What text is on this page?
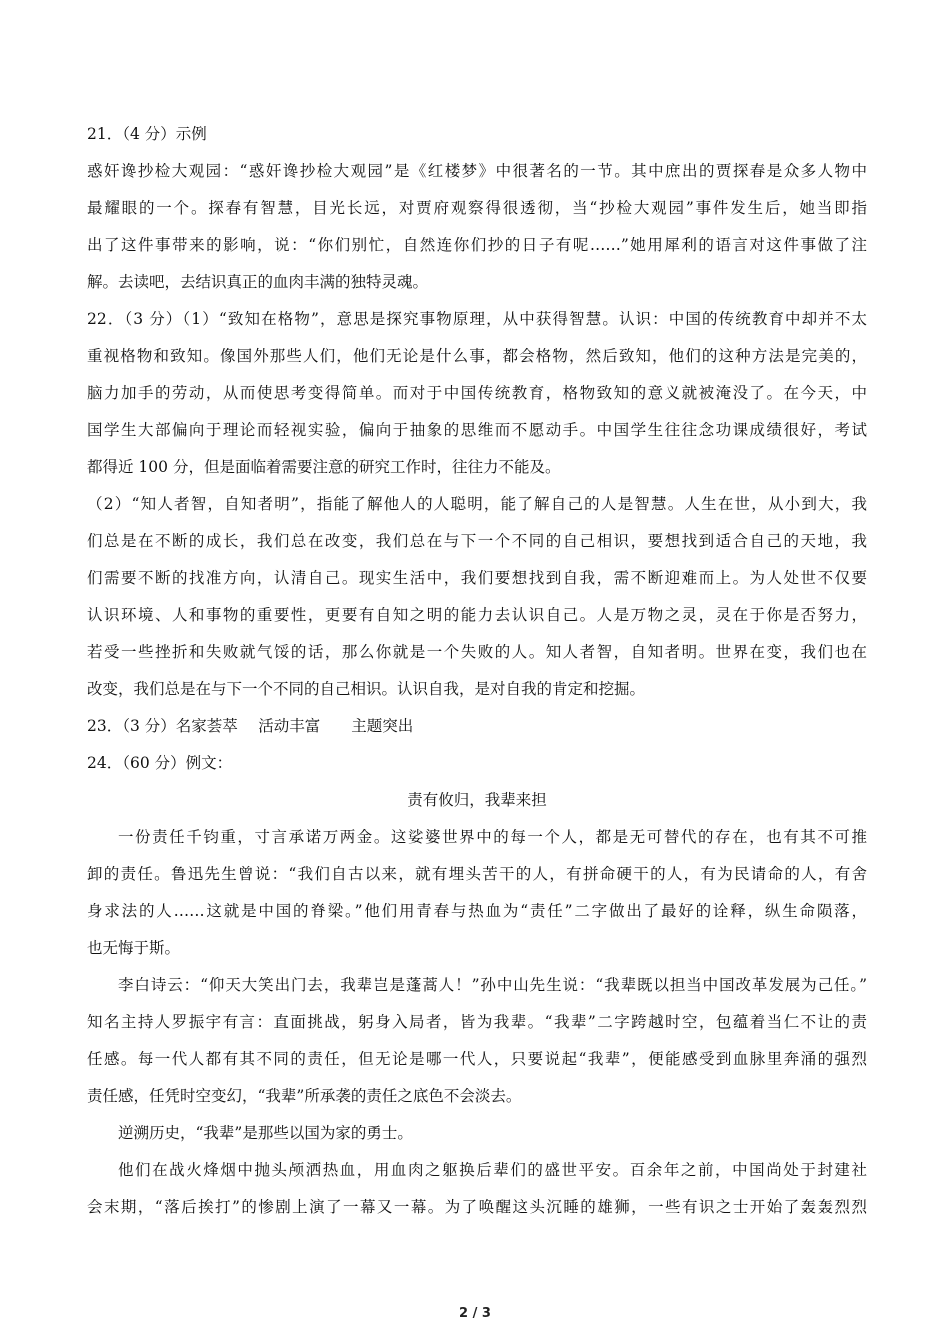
21．（4 分）示例
惑奸谗抄检大观园：“惑奸谗抄检大观园”是《红楼梦》中很著名的一节。其中庶出的贾探春是众多人物中
最耀眼的一个。探春有智慧，目光长远，对贾府观察得很透彻，当“抄检大观园”事件发生后，她当即指
出了这件事带来的影响，说：“你们别忙，自然连你们抄的日子有呢……”她用犀利的语言对这件事做了注
解。去读吧，去结识真正的血肉丰满的独特灵魂。
22．（3 分）（1）“致知在格物”，意思是探究事物原理，从中获得智慧。认识：中国的传统教育中却并不太
重视格物和致知。像国外那些人们，他们无论是什么事，都会格物，然后致知，他们的这种方法是完美的，
脑力加手的劳动，从而使思考变得简单。而对于中国传统教育，格物致知的意义就被淹没了。在今天，中
国学生大部偏向于理论而轻视实验，偏向于抽象的思维而不愿动手。中国学生往往念功课成绩很好，考试
都得近 100 分，但是面临着需要注意的研究工作时，往往力不能及。
（2）“知人者智，自知者明”，指能了解他人的人聪明，能了解自己的人是智慧。人生在世，从小到大，我
们总是在不断的成长，我们总在改变，我们总在与下一个不同的自己相识，要想找到适合自己的天地，我
们需要不断的找准方向，认清自己。现实生活中，我们要想找到自我，需不断迎难而上。为人处世不仅要
认识环境、人和事物的重要性，更要有自知之明的能力去认识自己。人是万物之灵，灵在于你是否努力，
若受一些挫折和失败就气馁的话，那么你就是一个失败的人。知人者智，自知者明。世界在变，我们也在
改变，我们总是在与下一个不同的自己相识。认识自我，是对自我的肯定和挖掘。
23．（3 分）名家荟萃　 活动丰富　　主题突出
24．（60 分）例文：
责有攸归，我辈来担
一份责任千钧重，寸言承诺万两金。这娑婆世界中的每一个人，都是无可替代的存在，也有其不可推
卸的责任。鲁迅先生曾说：“我们自古以来，就有埋头苦干的人，有拼命硬干的人，有为民请命的人，有舍
身求法的人……这就是中国的脊梁。”他们用青春与热血为“责任”二字做出了最好的诠释，纵生命陨落，
也无悔于斯。
李白诗云：“仰天大笑出门去，我辈岂是蓬蒿人！”孙中山先生说：“我辈既以担当中国改革发展为己任。”
知名主持人罗振宇有言：直面挑战，躬身入局者，皆为我辈。“我辈”二字跨越时空，包蕴着当仁不让的责
任感。每一代人都有其不同的责任，但无论是哪一代人，只要说起“我辈”，便能感受到血脉里奔涌的强烈
责任感，任凭时空变幻，“我辈”所承袭的责任之底色不会淡去。
逆溯历史，“我辈”是那些以国为家的勇士。
他们在战火烽烟中抛头颅洒热血，用血肉之躯换后辈们的盛世平安。百余年之前，中国尚处于封建社
会末期，“落后挨打”的惨剧上演了一幕又一幕。为了唤醒这头沉睡的雄狮，一些有识之士开始了轰轰烈烈
2 / 3
